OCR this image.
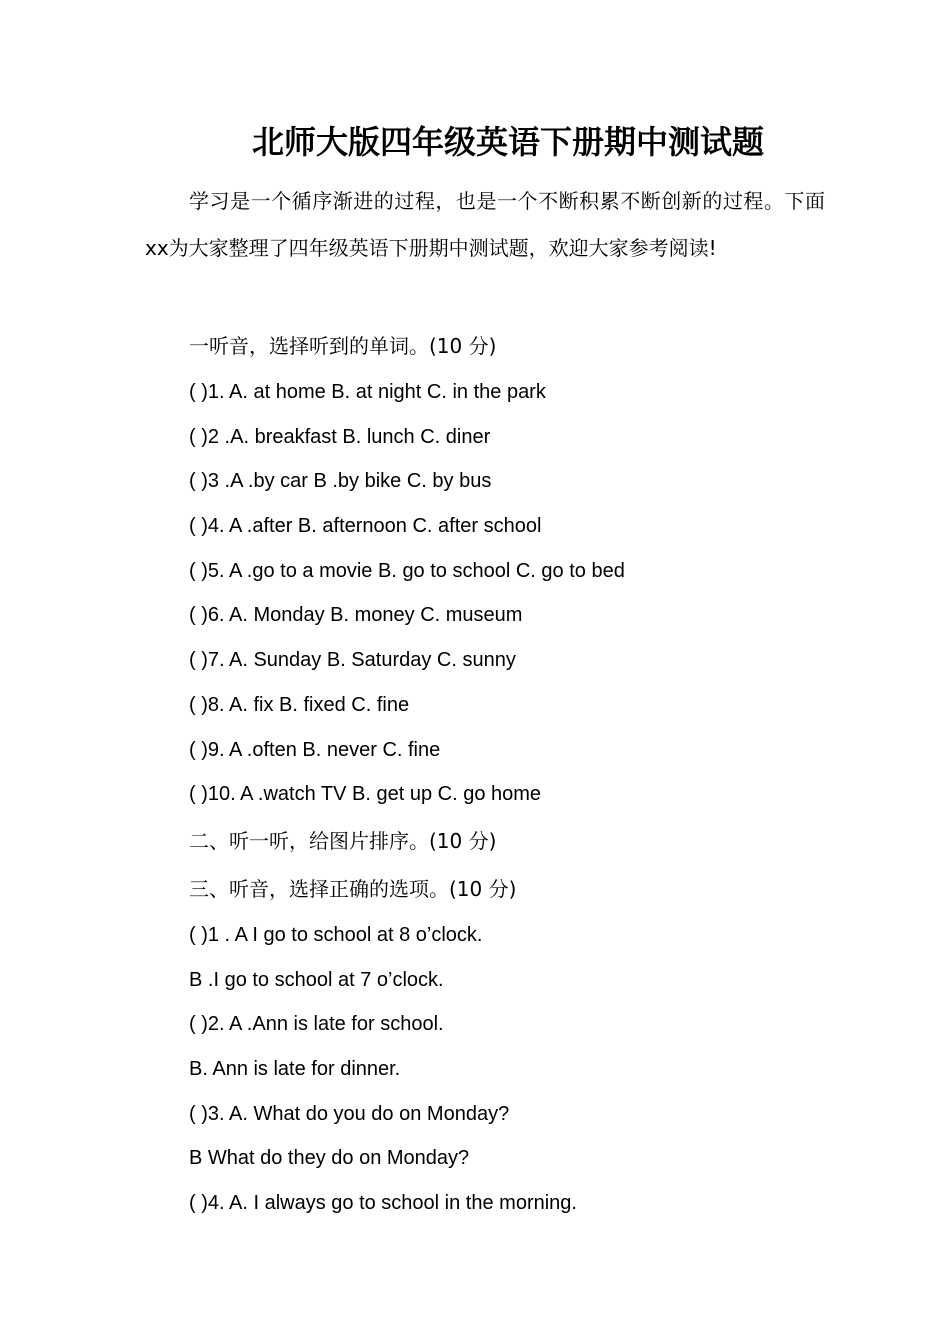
北师大版四年级英语下册期中测试题
学习是一个循序渐进的过程，也是一个不断积累不断创新的过程。下面xx为大家整理了四年级英语下册期中测试题，欢迎大家参考阅读!
一听音，选择听到的单词。(10 分)
( )1. A. at home B. at night C. in the park
( )2 .A. breakfast B. lunch C. diner
( )3 .A .by car B .by bike C. by bus
( )4. A .after B. afternoon C. after school
( )5. A .go to a movie B. go to school C. go to bed
( )6. A. Monday B. money C. museum
( )7. A. Sunday B. Saturday C. sunny
( )8. A. fix B. fixed C. fine
( )9. A .often B. never C. fine
( )10. A .watch TV B. get up C. go home
二、听一听，给图片排序。(10 分)
三、听音，选择正确的选项。(10 分)
( )1 . A I go to school at 8 o’clock.
B .I go to school at 7 o’clock.
( )2. A .Ann is late for school.
B. Ann is late for dinner.
( )3. A. What do you do on Monday?
B What do they do on Monday?
( )4. A. I always go to school in the morning.
